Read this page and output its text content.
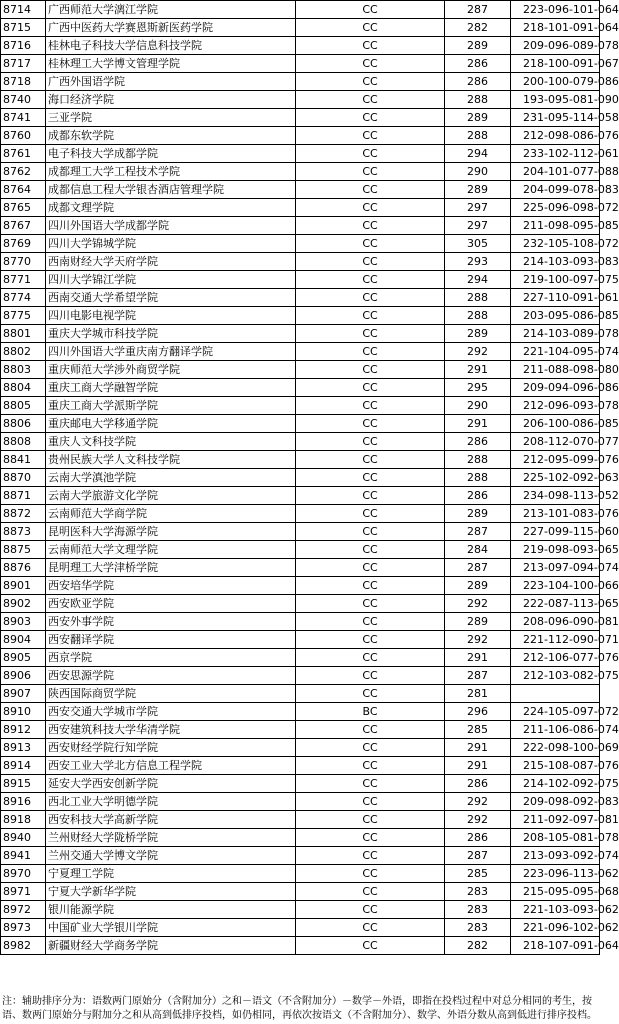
8714	广西师范大学漓江学院	CC	287	223-096-101-064
8715	广西中医药大学赛恩斯新医药学院	CC	282	218-101-091-064
8716	桂林电子科技大学信息科技学院	CC	289	209-096-089-078
8717	桂林理工大学博文管理学院	CC	286	218-100-091-067
8718	广西外国语学院	CC	286	200-100-079-086
8740	海口经济学院	CC	288	193-095-081-090
8741	三亚学院	CC	289	231-095-114-058
8760	成都东软学院	CC	288	212-098-086-076
8761	电子科技大学成都学院	CC	294	233-102-112-061
8762	成都理工大学工程技术学院	CC	290	204-101-077-088
8764	成都信息工程大学银杏酒店管理学院	CC	289	204-099-078-083
8765	成都文理学院	CC	297	225-096-098-072
8767	四川外国语大学成都学院	CC	297	211-098-095-085
8769	四川大学锦城学院	CC	305	232-105-108-072
8770	西南财经大学天府学院	CC	293	214-103-093-083
8771	四川大学锦江学院	CC	294	219-100-097-075
8774	西南交通大学希望学院	CC	288	227-110-091-061
8775	四川电影电视学院	CC	288	203-095-086-085
8801	重庆大学城市科技学院	CC	289	214-103-089-078
8802	四川外国语大学重庆南方翻译学院	CC	292	221-104-095-074
8803	重庆师范大学涉外商贸学院	CC	291	211-088-098-080
8804	重庆工商大学融智学院	CC	295	209-094-096-086
8805	重庆工商大学派斯学院	CC	290	212-096-093-078
8806	重庆邮电大学移通学院	CC	291	206-100-086-085
8808	重庆人文科技学院	CC	286	208-112-070-077
8841	贵州民族大学人文科技学院	CC	288	212-095-099-076
8870	云南大学滇池学院	CC	288	225-102-092-063
8871	云南大学旅游文化学院	CC	286	234-098-113-052
8872	云南师范大学商学院	CC	289	213-101-083-076
8873	昆明医科大学海源学院	CC	287	227-099-115-060
8875	云南师范大学文理学院	CC	284	219-098-093-065
8876	昆明理工大学津桥学院	CC	287	213-097-094-074
8901	西安培华学院	CC	289	223-104-100-066
8902	西安欧亚学院	CC	292	222-087-113-065
8903	西安外事学院	CC	289	208-096-090-081
8904	西安翻译学院	CC	292	221-112-090-071
8905	西京学院	CC	291	212-106-077-076
8906	西安思源学院	CC	287	212-103-082-075
8907	陕西国际商贸学院	CC	281	
8910	西安交通大学城市学院	BC	296	224-105-097-072
8912	西安建筑科技大学华清学院	CC	285	211-106-086-074
8913	西安财经学院行知学院	CC	291	222-098-100-069
8914	西安工业大学北方信息工程学院	CC	291	215-108-087-076
8915	延安大学西安创新学院	CC	286	214-102-092-075
8916	西北工业大学明德学院	CC	292	209-098-092-083
8918	西安科技大学高新学院	CC	292	211-092-097-081
8940	兰州财经大学陇桥学院	CC	286	208-105-081-078
8941	兰州交通大学博文学院	CC	287	213-093-092-074
8970	宁夏理工学院	CC	285	223-096-113-062
8971	宁夏大学新华学院	CC	283	215-095-095-068
8972	银川能源学院	CC	283	221-103-093-062
8973	中国矿业大学银川学院	CC	283	221-096-102-062
8982	新疆财经大学商务学院	CC	282	218-107-091-064
注：辅助排序分为：语数两门原始分（含附加分）之和－语文（不含附加分）－数学－外语，即指在投档过程中对总分相同的考生，按语、数两门原始分与附加分之和从高到低排序投档，如仍相同，再依次按语文（不含附加分）、数学、外语分数从高到低进行排序投档。
